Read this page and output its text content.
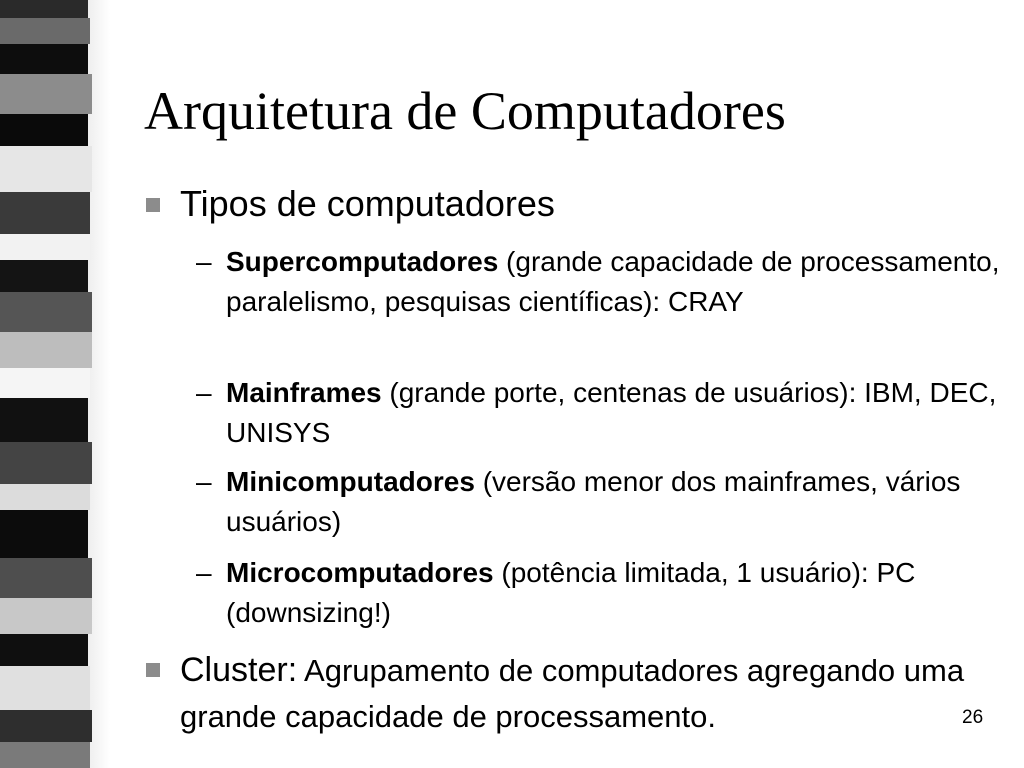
Arquitetura de Computadores
Tipos de computadores
– Supercomputadores (grande capacidade de processamento, paralelismo, pesquisas científicas): CRAY
– Mainframes (grande porte, centenas de usuários): IBM, DEC, UNISYS
– Minicomputadores (versão menor dos mainframes, vários usuários)
– Microcomputadores (potência limitada, 1 usuário): PC (downsizing!)
Cluster: Agrupamento de computadores agregando uma grande capacidade de processamento.	26
